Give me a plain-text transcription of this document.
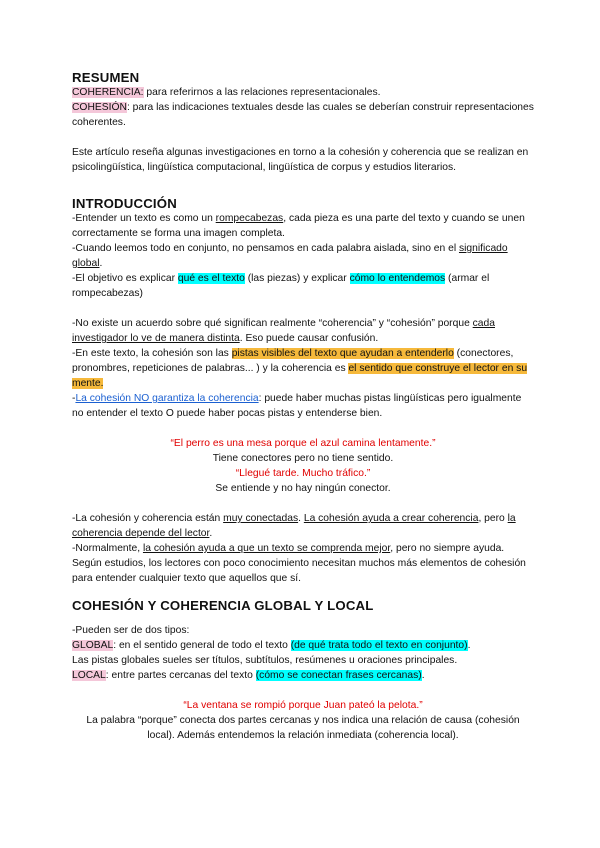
RESUMEN

COHERENCIA: para referirnos a las relaciones representacionales.

COHESIÓN: para las indicaciones textuales desde las cuales se deberían construir representaciones coherentes.

Este artículo reseña algunas investigaciones en torno a la cohesión y coherencia que se realizan en psicolingüística, lingüística computacional, lingüística de corpus y estudios literarios.

INTRODUCCIÓN

-Entender un texto es como un rompecabezas, cada pieza es una parte del texto y cuando se unen correctamente se forma una imagen completa.

-Cuando leemos todo en conjunto, no pensamos en cada palabra aislada, sino en el significado global.

-El objetivo es explicar qué es el texto (las piezas) y explicar cómo lo entendemos (armar el rompecabezas)

-No existe un acuerdo sobre qué significan realmente “coherencia” y “cohesión” porque cada investigador lo ve de manera distinta. Eso puede causar confusión.

-En este texto, la cohesión son las pistas visibles del texto que ayudan a entenderlo (conectores, pronombres, repeticiones de palabras... ) y la coherencia es el sentido que construye el lector en su mente.

-La cohesión NO garantiza la coherencia: puede haber muchas pistas lingüísticas pero igualmente no entender el texto O puede haber pocas pistas y entenderse bien.

“El perro es una mesa porque el azul camina lentamente.”

Tiene conectores pero no tiene sentido.

“Llegué tarde. Mucho tráfico.”

Se entiende y no hay ningún conector.

-La cohesión y coherencia están muy conectadas. La cohesión ayuda a crear coherencia, pero la coherencia depende del lector.

-Normalmente, la cohesión ayuda a que un texto se comprenda mejor, pero no siempre ayuda. Según estudios, los lectores con poco conocimiento necesitan muchos más elementos de cohesión para entender cualquier texto que aquellos que sí.

COHESIÓN Y COHERENCIA GLOBAL Y LOCAL

-Pueden ser de dos tipos:

GLOBAL: en el sentido general de todo el texto (de qué trata todo el texto en conjunto).

Las pistas globales sueles ser títulos, subtítulos, resúmenes u oraciones principales.

LOCAL: entre partes cercanas del texto (cómo se conectan frases cercanas).

“La ventana se rompió porque Juan pateó la pelota.”

La palabra “porque” conecta dos partes cercanas y nos indica una relación de causa (cohesión local). Además entendemos la relación inmediata (coherencia local).
